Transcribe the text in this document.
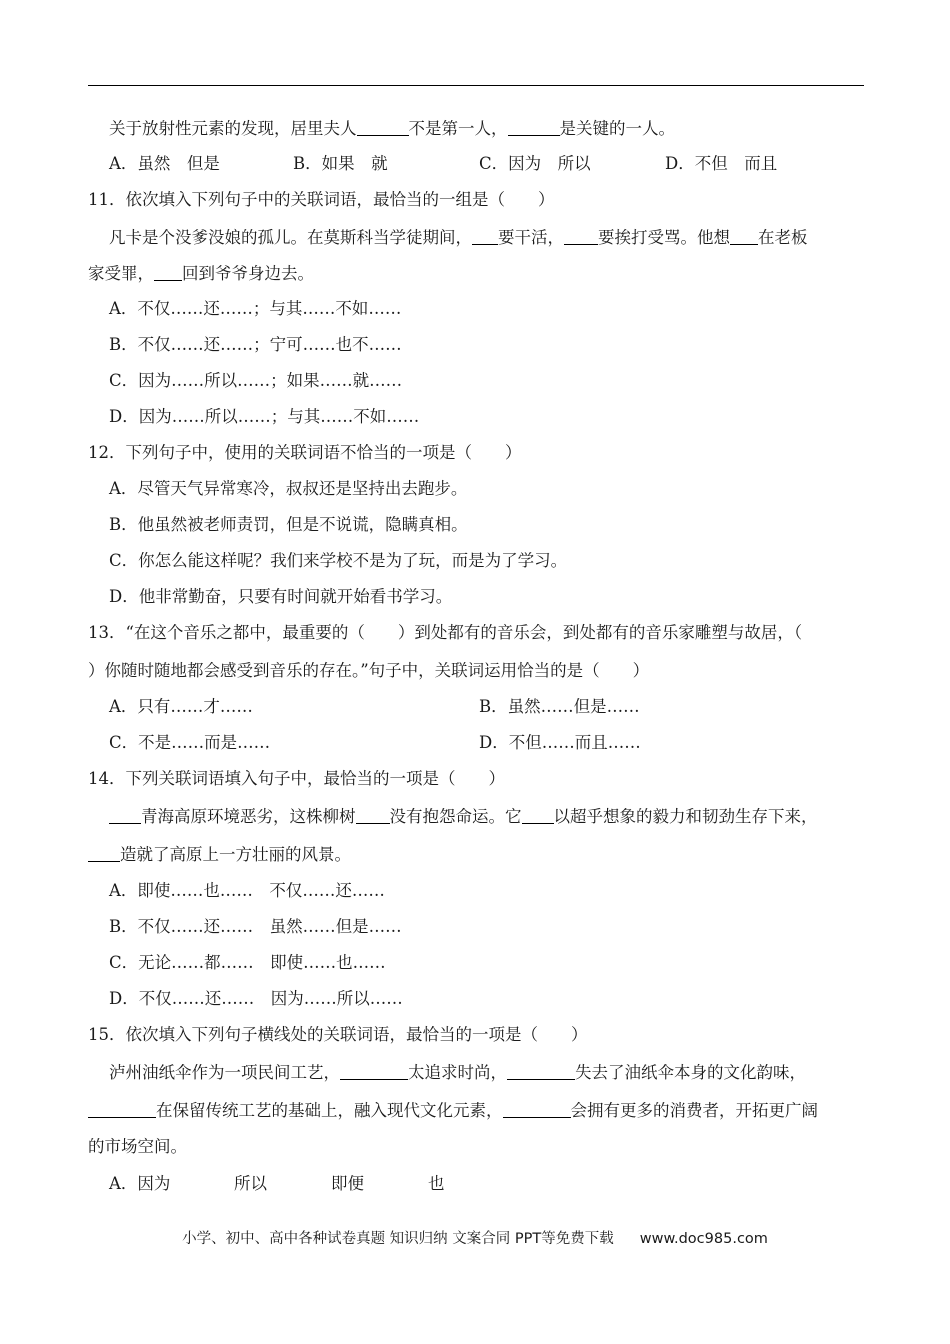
关于放射性元素的发现，居里夫人	不是第一人，	是关键的一人。
A．虽然　但是	B．如果　就	C．因为　所以	D．不但　而且
11．依次填入下列句子中的关联词语，最恰当的一组是（　　）
凡卡是个没爹没娘的孤儿。在莫斯科当学徒期间， 要干活， 要挨打受骂。他想 在老板
家受罪， 回到爷爷身边去。
A．不仅……还……；与其……不如……
B．不仅……还……；宁可……也不……
C．因为……所以……；如果……就……
D．因为……所以……；与其……不如……
12．下列句子中，使用的关联词语不恰当的一项是（　　）
A．尽管天气异常寒冷，叔叔还是坚持出去跑步。
B．他虽然被老师责罚，但是不说谎，隐瞒真相。
C．你怎么能这样呢？我们来学校不是为了玩，而是为了学习。
D．他非常勤奋，只要有时间就开始看书学习。
13．“在这个音乐之都中，最重要的（　　）到处都有的音乐会，到处都有的音乐家雕塑与故居，（
）你随时随地都会感受到音乐的存在。”句子中，关联词运用恰当的是（　　）
A．只有……才……	B．虽然……但是……
C．不是……而是……	D．不但……而且……
14．下列关联词语填入句子中，最恰当的一项是（　　）
青海高原环境恶劣，这株柳树 没有抱怨命运。它 以超乎想象的毅力和韧劲生存下来，
造就了高原上一方壮丽的风景。
A．即使……也……　不仅……还……
B．不仅……还……　虽然……但是……
C．无论……都……　即使……也……
D．不仅……还……　因为……所以……
15．依次填入下列句子横线处的关联词语，最恰当的一项是（　　）
泸州油纸伞作为一项民间工艺，	太追求时尚，	失去了油纸伞本身的文化韵味，
在保留传统工艺的基础上，融入现代文化元素，	会拥有更多的消费者，开拓更广阔
的市场空间。
A．因为	所以	即便	也
小学、初中、高中各种试卷真题 知识归纳 文案合同 PPT等免费下载 www.doc985.com
